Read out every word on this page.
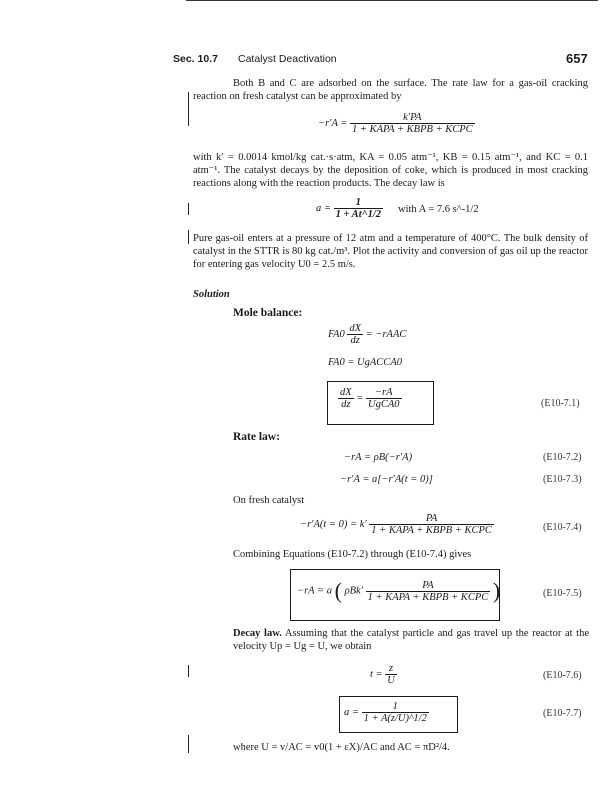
Sec. 10.7 Catalyst Deactivation	657
Both B and C are adsorbed on the surface. The rate law for a gas-oil cracking reaction on fresh catalyst can be approximated by
$-r'A = \frac{k'PA}{\text{1 + KAPA + KBPB + KCPC}}$
with k′ = 0.0014 kmol/kg cat.·s·atm, KA = 0.05 atm⁻¹, KB = 0.15 atm⁻¹, and KC = 0.1 atm⁻¹. The catalyst decays by the deposition of coke, which is produced in most cracking reactions along with the reaction products. The decay law is
$a = \frac{1}{1 + At\^{}1/2}$ with A = 7.6 s^-1/2
Pure gas-oil enters at a pressure of 12 atm and a temperature of 400°C. The bulk density of catalyst in the STTR is 80 kg cat./m³. Plot the activity and conversion of gas oil up the reactor for entering gas velocity U0 = 2.5 m/s.
Solution
Mole balance:
$FA0 \frac{dX}{dz}$ = −rAAC
FA0 = UgACCA0
$\frac{dX}{dz} = \frac{-rA}{\text{UgCA0}}$	(E10-7.1)
Rate law:
−rA = ρB(−r′A)	(E10-7.2)
−r′A = a[−r′A(t = 0)]	(E10-7.3)
On fresh catalyst
$-r'A(t = 0) = k' \frac{PA}{\text{1 + KAPA + KBPB + KCPC}}$	(E10-7.4)
Combining Equations (E10-7.2) through (E10-7.4) gives
−rA = a ( $\rho Bk' \frac{PA}{\text{1 + KAPA + KBPB + KCPC}}$ )	(E10-7.5)
Decay law. Assuming that the catalyst particle and gas travel up the reactor at the velocity Up = Ug = U, we obtain
$t = \frac{z}{U}$	(E10-7.6)
$a = \frac{1}{1 + A(z/U)\^{}1/2}$	(E10-7.7)
where U = v/AC = v0(1 + εX)/AC and AC = πD²/4.
